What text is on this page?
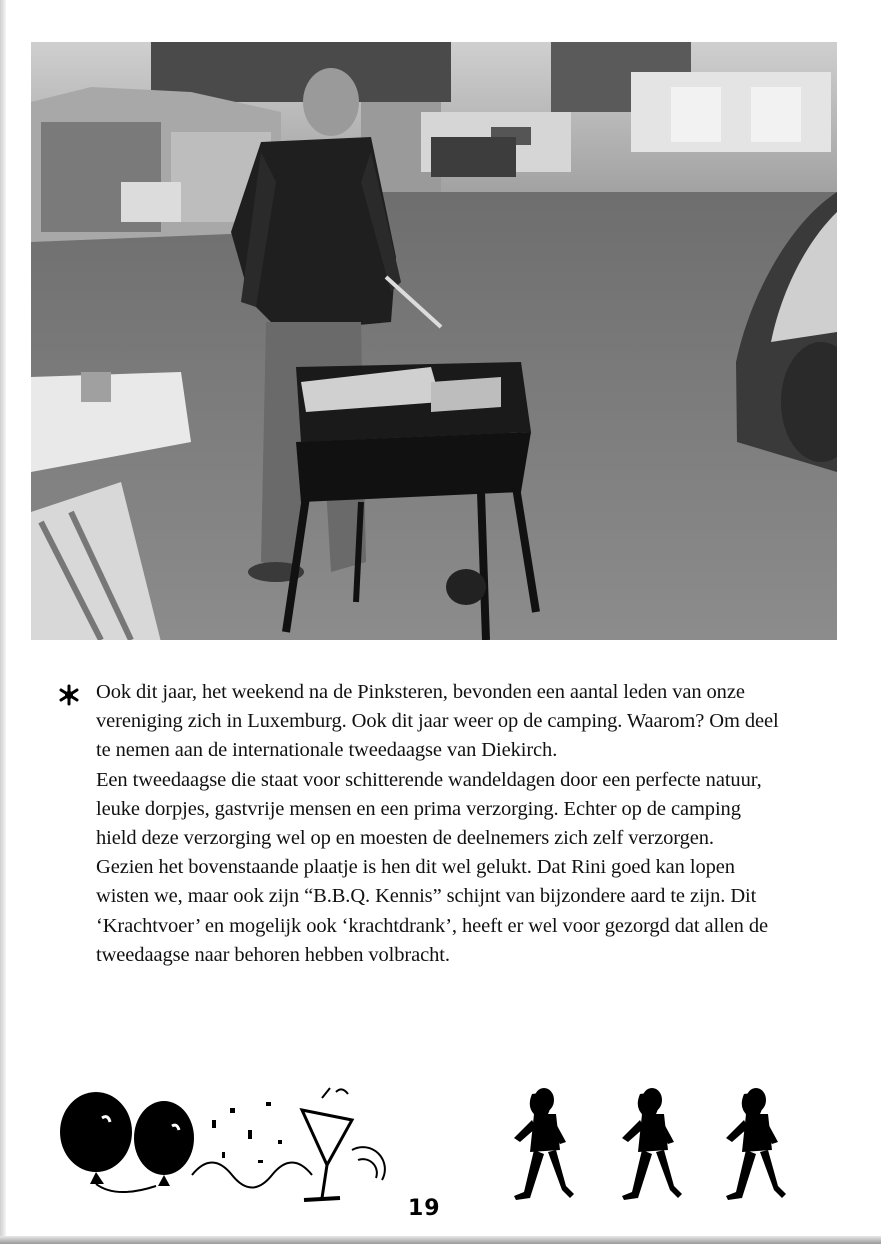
Ook dit jaar, het weekend na de Pinksteren, bevonden een aantal leden van onze vereniging zich in Luxemburg. Ook dit jaar weer op de camping. Waarom? Om deel te nemen aan de internationale tweedaagse van Diekirch.

Een tweedaagse die staat voor schitterende wandeldagen door een perfecte natuur, leuke dorpjes, gastvrije mensen en een prima verzorging. Echter op de camping hield deze verzorging wel op en moesten de deelnemers zich zelf verzorgen.

Gezien het bovenstaande plaatje is hen dit wel gelukt. Dat Rini goed kan lopen wisten we, maar ook zijn “B.B.Q. Kennis” schijnt van bijzondere aard te zijn. Dit ‘Krachtvoer’ en mogelijk ook ‘krachtdrank’, heeft er wel voor gezorgd dat allen de tweedaagse naar behoren hebben volbracht.

19
